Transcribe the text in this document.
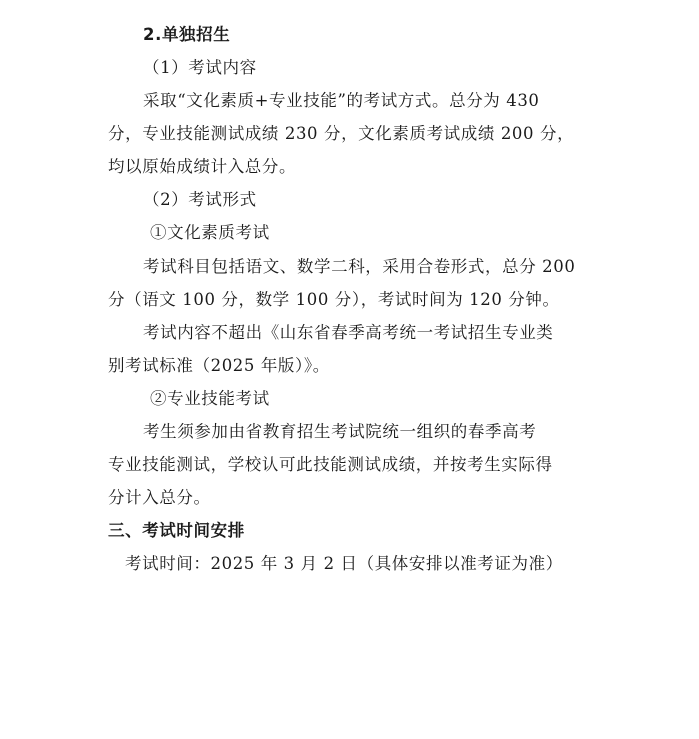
2.单独招生
（1）考试内容
采取“文化素质+专业技能”的考试方式。总分为 430
分，专业技能测试成绩 230 分，文化素质考试成绩 200 分，
均以原始成绩计入总分。
（2）考试形式
①文化素质考试
考试科目包括语文、数学二科，采用合卷形式，总分 200
分（语文 100 分，数学 100 分），考试时间为 120 分钟。
考试内容不超出《山东省春季高考统一考试招生专业类
别考试标准（2025 年版）》。
②专业技能考试
考生须参加由省教育招生考试院统一组织的春季高考
专业技能测试，学校认可此技能测试成绩，并按考生实际得
分计入总分。
三、考试时间安排
考试时间：2025 年 3 月 2 日（具体安排以准考证为准）
